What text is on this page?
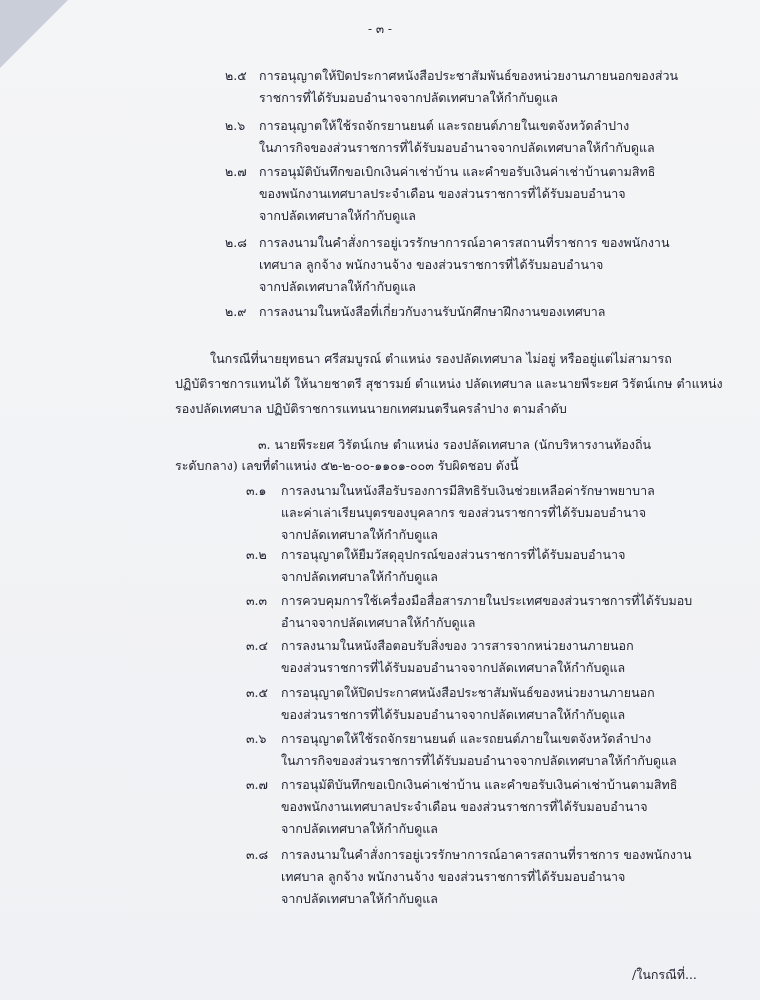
- ๓ -
๒.๕ การอนุญาตให้ปิดประกาศหนังสือประชาสัมพันธ์ของหน่วยงานภายนอกของส่วน
ราชการที่ได้รับมอบอำนาจจากปลัดเทศบาลให้กำกับดูแล
๒.๖ การอนุญาตให้ใช้รถจักรยานยนต์ และรถยนต์ภายในเขตจังหวัดลำปาง
ในภารกิจของส่วนราชการที่ได้รับมอบอำนาจจากปลัดเทศบาลให้กำกับดูแล
๒.๗ การอนุมัติบันทึกขอเบิกเงินค่าเช่าบ้าน และคำขอรับเงินค่าเช่าบ้านตามสิทธิ
ของพนักงานเทศบาลประจำเดือน ของส่วนราชการที่ได้รับมอบอำนาจ
จากปลัดเทศบาลให้กำกับดูแล
๒.๘ การลงนามในคำสั่งการอยู่เวรรักษาการณ์อาคารสถานที่ราชการ ของพนักงาน
เทศบาล ลูกจ้าง พนักงานจ้าง ของส่วนราชการที่ได้รับมอบอำนาจ
จากปลัดเทศบาลให้กำกับดูแล
๒.๙ การลงนามในหนังสือที่เกี่ยวกับงานรับนักศึกษาฝึกงานของเทศบาล
ในกรณีที่นายยุทธนา ศรีสมบูรณ์ ตำแหน่ง รองปลัดเทศบาล ไม่อยู่ หรืออยู่แต่ไม่สามารถ
ปฏิบัติราชการแทนได้ ให้นายชาตรี สุชารมย์ ตำแหน่ง ปลัดเทศบาล และนายพีระยศ วิรัตน์เกษ ตำแหน่ง
รองปลัดเทศบาล ปฏิบัติราชการแทนนายกเทศมนตรีนครลำปาง ตามลำดับ
๓. นายพีระยศ วิรัตน์เกษ ตำแหน่ง รองปลัดเทศบาล (นักบริหารงานท้องถิ่น
ระดับกลาง) เลขที่ตำแหน่ง ๕๒-๒-๐๐-๑๑๐๑-๐๐๓ รับผิดชอบ ดังนี้
๓.๑ การลงนามในหนังสือรับรองการมีสิทธิรับเงินช่วยเหลือค่ารักษาพยาบาล
และค่าเล่าเรียนบุตรของบุคลากร ของส่วนราชการที่ได้รับมอบอำนาจ
จากปลัดเทศบาลให้กำกับดูแล
๓.๒ การอนุญาตให้ยืมวัสดุอุปกรณ์ของส่วนราชการที่ได้รับมอบอำนาจ
จากปลัดเทศบาลให้กำกับดูแล
๓.๓ การควบคุมการใช้เครื่องมือสื่อสารภายในประเทศของส่วนราชการที่ได้รับมอบ
อำนาจจากปลัดเทศบาลให้กำกับดูแล
๓.๔ การลงนามในหนังสือตอบรับสิ่งของ วารสารจากหน่วยงานภายนอก
ของส่วนราชการที่ได้รับมอบอำนาจจากปลัดเทศบาลให้กำกับดูแล
๓.๕ การอนุญาตให้ปิดประกาศหนังสือประชาสัมพันธ์ของหน่วยงานภายนอก
ของส่วนราชการที่ได้รับมอบอำนาจจากปลัดเทศบาลให้กำกับดูแล
๓.๖ การอนุญาตให้ใช้รถจักรยานยนต์ และรถยนต์ภายในเขตจังหวัดลำปาง
ในภารกิจของส่วนราชการที่ได้รับมอบอำนาจจากปลัดเทศบาลให้กำกับดูแล
๓.๗ การอนุมัติบันทึกขอเบิกเงินค่าเช่าบ้าน และคำขอรับเงินค่าเช่าบ้านตามสิทธิ
ของพนักงานเทศบาลประจำเดือน ของส่วนราชการที่ได้รับมอบอำนาจ
จากปลัดเทศบาลให้กำกับดูแล
๓.๘ การลงนามในคำสั่งการอยู่เวรรักษาการณ์อาคารสถานที่ราชการ ของพนักงาน
เทศบาล ลูกจ้าง พนักงานจ้าง ของส่วนราชการที่ได้รับมอบอำนาจ
จากปลัดเทศบาลให้กำกับดูแล
/ในกรณีที่...
